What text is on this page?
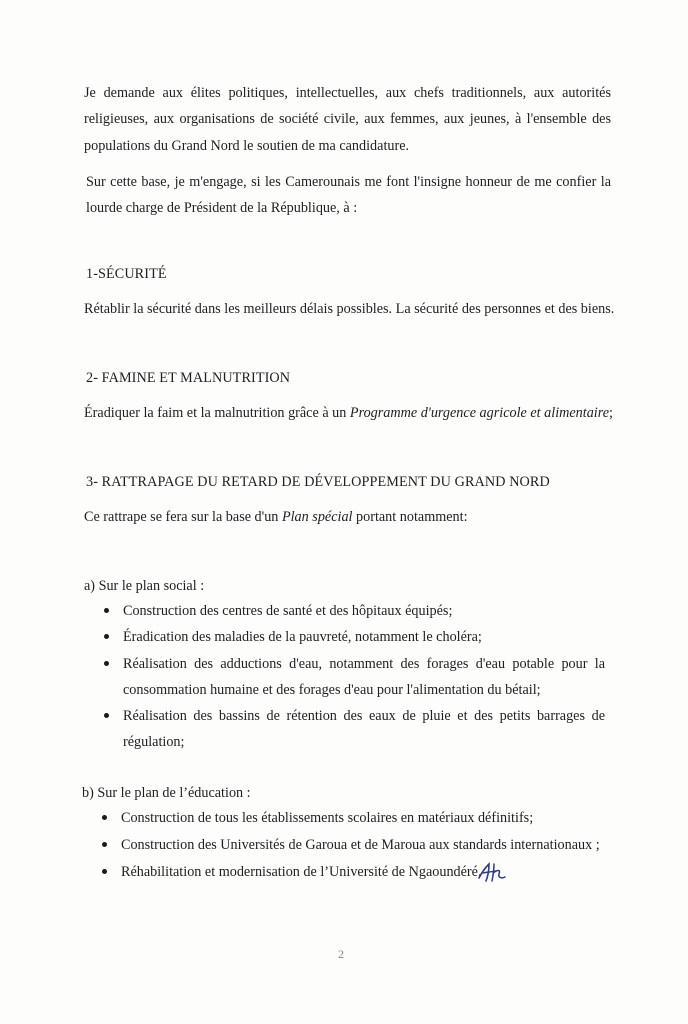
Je demande aux élites politiques, intellectuelles, aux chefs traditionnels, aux autorités
religieuses, aux organisations de société civile, aux femmes, aux jeunes, à l'ensemble des
populations du Grand Nord le soutien de ma candidature.
Sur cette base, je m'engage, si les Camerounais me font l'insigne honneur de me confier la
lourde charge de Président de la République, à :
1-SÉCURITÉ
Rétablir la sécurité dans les meilleurs délais possibles. La sécurité des personnes et des biens.
2- FAMINE ET MALNUTRITION
Éradiquer la faim et la malnutrition grâce à un Programme d'urgence agricole et alimentaire;
3- RATTRAPAGE DU RETARD DE DÉVELOPPEMENT DU GRAND NORD
Ce rattrape se fera sur la base d'un Plan spécial portant notamment:
a) Sur le plan social :
Construction des centres de santé et des hôpitaux équipés;
Éradication des maladies de la pauvreté, notamment le choléra;
Réalisation des adductions d'eau, notamment des forages d'eau potable pour la
consommation humaine et des forages d'eau pour l'alimentation du bétail;
Réalisation des bassins de rétention des eaux de pluie et des petits barrages de
régulation;
b) Sur le plan de l’éducation :
Construction de tous les établissements scolaires en matériaux définitifs;
Construction des Universités de Garoua et de Maroua aux standards internationaux ;
Réhabilitation et modernisation de l’Université de Ngaoundéré.
2
